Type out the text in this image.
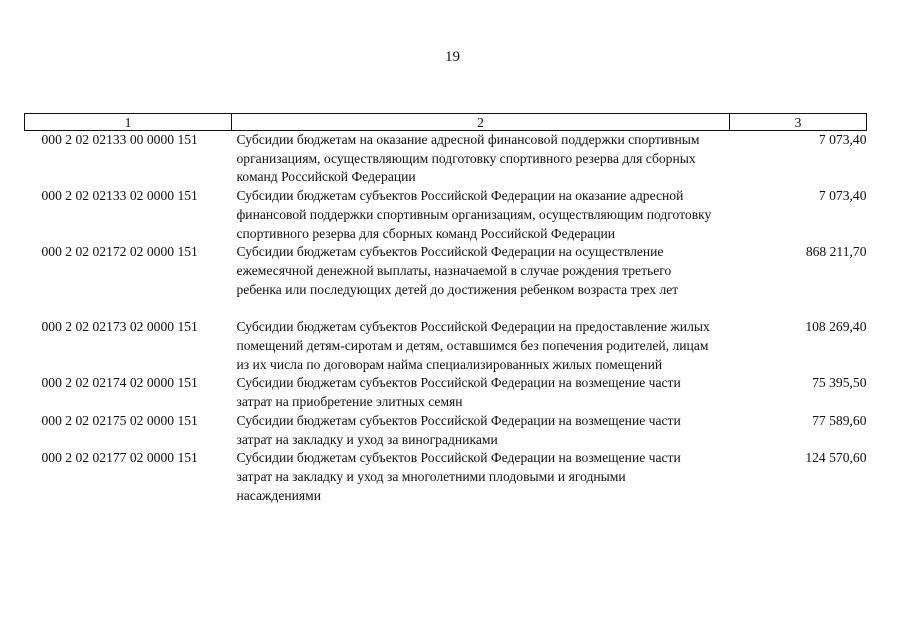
19
1	2	3
000 2 02 02133 00 0000 151	Субсидии бюджетам на оказание адресной финансовой поддержки спортивным организациям, осуществляющим подготовку спортивного резерва для сборных команд Российской Федерации	7 073,40
000 2 02 02133 02 0000 151	Субсидии бюджетам субъектов Российской Федерации на оказание адресной финансовой поддержки спортивным организациям, осуществляющим подготовку спортивного резерва для сборных команд Российской Федерации	7 073,40
000 2 02 02172 02 0000 151	Субсидии бюджетам субъектов Российской Федерации на осуществление ежемесячной денежной выплаты, назначаемой в случае рождения третьего ребенка или последующих детей до достижения ребенком возраста трех лет	868 211,70
000 2 02 02173 02 0000 151	Субсидии бюджетам субъектов Российской Федерации на предоставление жилых помещений детям-сиротам и детям, оставшимся без попечения родителей, лицам из их числа по договорам найма специализированных жилых помещений	108 269,40
000 2 02 02174 02 0000 151	Субсидии бюджетам субъектов Российской Федерации на возмещение части затрат на приобретение элитных семян	75 395,50
000 2 02 02175 02 0000 151	Субсидии бюджетам субъектов Российской Федерации на возмещение части затрат на закладку и уход за виноградниками	77 589,60
000 2 02 02177 02 0000 151	Субсидии бюджетам субъектов Российской Федерации на возмещение части затрат на закладку и уход за многолетними плодовыми и ягодными насаждениями	124 570,60
